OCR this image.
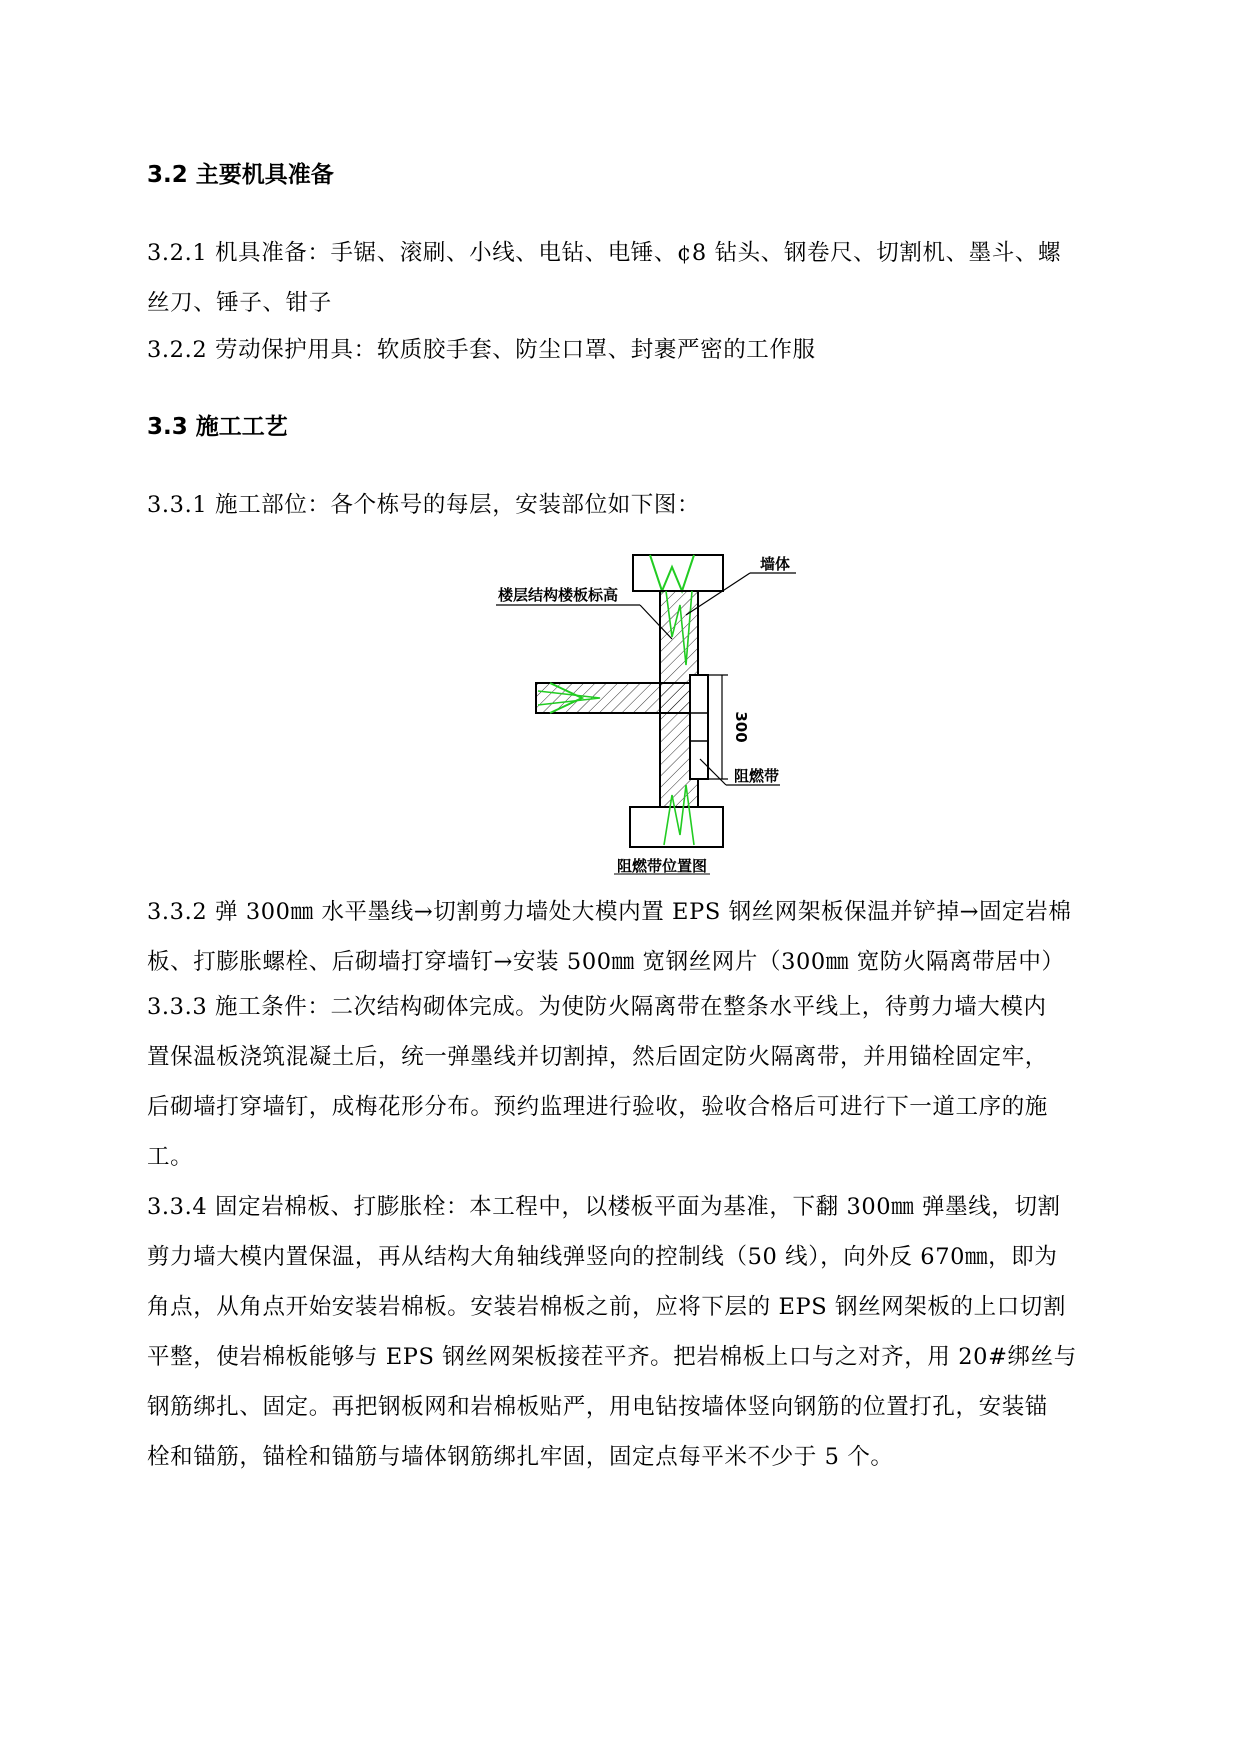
3.2 主要机具准备
3.2.1 机具准备：手锯、滚刷、小线、电钻、电锤、¢8 钻头、钢卷尺、切割机、墨斗、螺
丝刀、锤子、钳子
3.2.2 劳动保护用具：软质胶手套、防尘口罩、封裹严密的工作服
3.3 施工工艺
3.3.1 施工部位：各个栋号的每层，安装部位如下图：
300
墙体
楼层结构楼板标高
阻燃带
阻燃带位置图
3.3.2 弹 300㎜ 水平墨线→切割剪力墙处大模内置 EPS 钢丝网架板保温并铲掉→固定岩棉
板、打膨胀螺栓、后砌墙打穿墙钉→安装 500㎜ 宽钢丝网片（300㎜ 宽防火隔离带居中）
3.3.3 施工条件：二次结构砌体完成。为使防火隔离带在整条水平线上，待剪力墙大模内
置保温板浇筑混凝土后，统一弹墨线并切割掉，然后固定防火隔离带，并用锚栓固定牢，
后砌墙打穿墙钉，成梅花形分布。预约监理进行验收，验收合格后可进行下一道工序的施
工。
3.3.4 固定岩棉板、打膨胀栓：本工程中，以楼板平面为基准，下翻 300㎜ 弹墨线，切割
剪力墙大模内置保温，再从结构大角轴线弹竖向的控制线（50 线），向外反 670㎜，即为
角点，从角点开始安装岩棉板。安装岩棉板之前，应将下层的 EPS 钢丝网架板的上口切割
平整，使岩棉板能够与 EPS 钢丝网架板接茬平齐。把岩棉板上口与之对齐，用 20#绑丝与
钢筋绑扎、固定。再把钢板网和岩棉板贴严，用电钻按墙体竖向钢筋的位置打孔，安装锚
栓和锚筋，锚栓和锚筋与墙体钢筋绑扎牢固，固定点每平米不少于 5 个。
